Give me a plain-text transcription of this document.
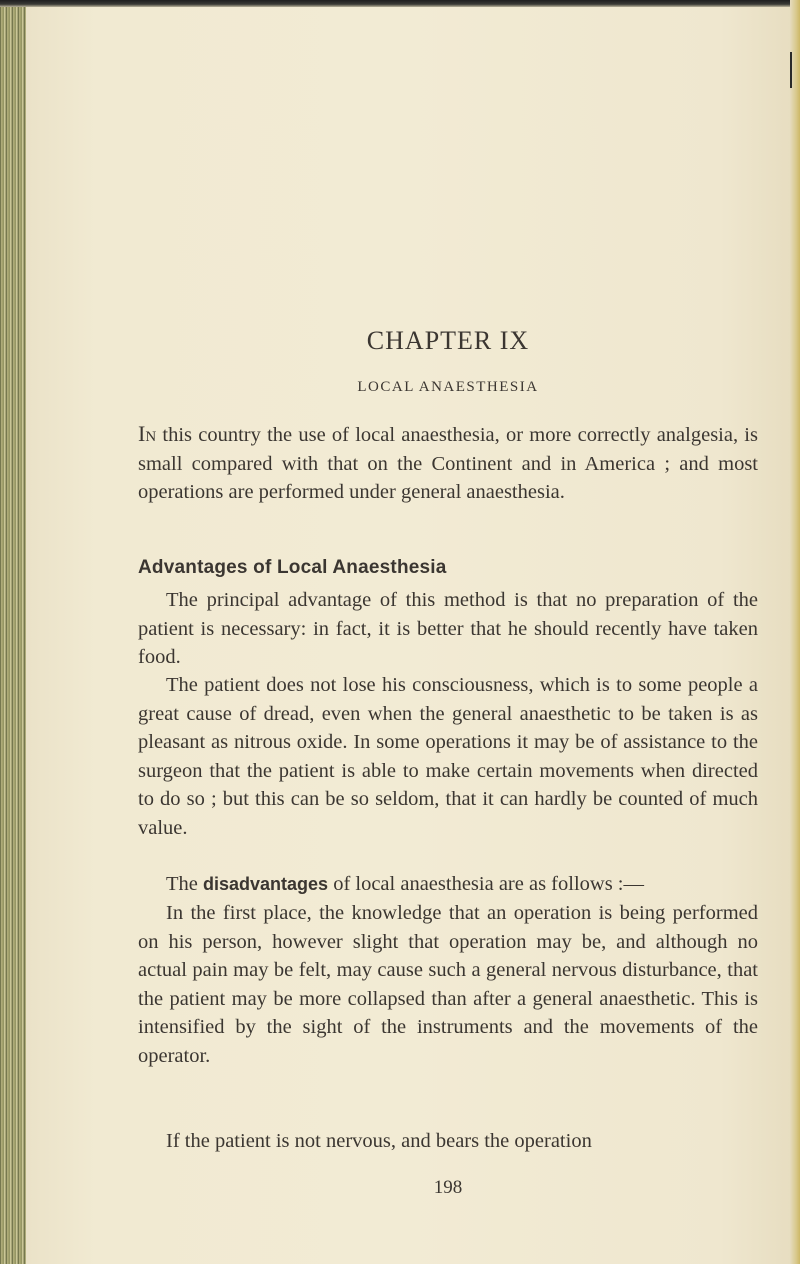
CHAPTER IX
LOCAL ANAESTHESIA

In this country the use of local anaesthesia, or more correctly analgesia, is small compared with that on the Continent and in America ; and most operations are performed under general anaesthesia.

Advantages of Local Anaesthesia

The principal advantage of this method is that no preparation of the patient is necessary: in fact, it is better that he should recently have taken food.

The patient does not lose his consciousness, which is to some people a great cause of dread, even when the general anaesthetic to be taken is as pleasant as nitrous oxide. In some operations it may be of assistance to the surgeon that the patient is able to make certain movements when directed to do so ; but this can be so seldom, that it can hardly be counted of much value.

The disadvantages of local anaesthesia are as follows :—

In the first place, the knowledge that an operation is being performed on his person, however slight that operation may be, and although no actual pain may be felt, may cause such a general nervous disturbance, that the patient may be more collapsed than after a general anaesthetic. This is intensified by the sight of the instruments and the movements of the operator.

If the patient is not nervous, and bears the operation

198
